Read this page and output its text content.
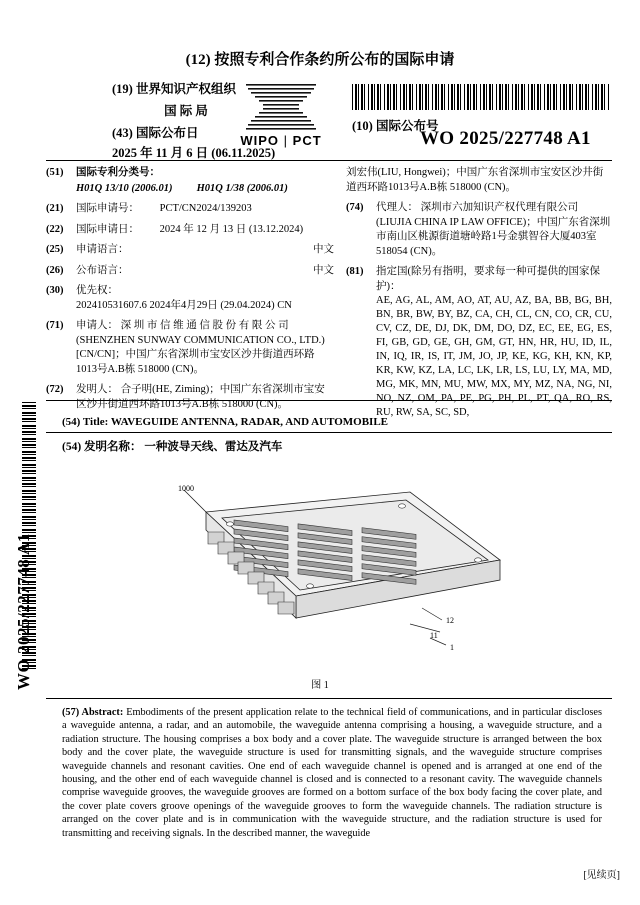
WO 2025/227748 A1
(12) 按照专利合作条约所公布的国际申请
(19) 世界知识产权组织
国 际 局
(43) 国际公布日
2025 年 11 月 6 日 (06.11.2025)
WIPO | PCT
(10) 国际公布号
WO 2025/227748 A1
(51) 国际专利分类号：
H01Q 13/10 (2006.01) H01Q 1/38 (2006.01)
(21) 国际申请号： PCT/CN2024/139203
(22) 国际申请日： 2024 年 12 月 13 日 (13.12.2024)
(25) 申请语言：	中文
(26) 公布语言：	中文
(30) 优先权：
202410531607.6 2024年4月29日 (29.04.2024) CN
(71) 申请人： 深 圳 市 信 维 通 信 股 份 有 限 公 司 (SHENZHEN SUNWAY COMMUNICATION CO., LTD.) [CN/CN]；中国广东省深圳市宝安区沙井街道西环路1013号A.B栋 518000 (CN)。
(72) 发明人： 合子明(HE, Ziming)；中国广东省深圳市宝安区沙井街道西环路1013号A.B栋 518000 (CN)。
刘宏伟(LIU, Hongwei)；中国广东省深圳市宝安区沙井街道西环路1013号A.B栋 518000 (CN)。
(74) 代理人： 深圳市六加知识产权代理有限公司 (LIUJIA CHINA IP LAW OFFICE)；中国广东省深圳市南山区桃源街道塘岭路1号金骐智谷大厦403室 518054 (CN)。
(81) 指定国(除另有指明，要求每一种可提供的国家保护)：
AE, AG, AL, AM, AO, AT, AU, AZ, BA, BB, BG, BH, BN, BR, BW, BY, BZ, CA, CH, CL, CN, CO, CR, CU, CV, CZ, DE, DJ, DK, DM, DO, DZ, EC, EE, EG, ES, FI, GB, GD, GE, GH, GM, GT, HN, HR, HU, ID, IL, IN, IQ, IR, IS, IT, JM, JO, JP, KE, KG, KH, KN, KP, KR, KW, KZ, LA, LC, LK, LR, LS, LU, LY, MA, MD, MG, MK, MN, MU, MW, MX, MY, MZ, NA, NG, NI, NO, NZ, OM, PA, PE, PG, PH, PL, PT, QA, RO, RS, RU, RW, SA, SC, SD,
(54) Title: WAVEGUIDE ANTENNA, RADAR, AND AUTOMOBILE
(54) 发明名称： 一种波导天线、雷达及汽车
1000
12
11
1
图 1
(57) Abstract: Embodiments of the present application relate to the technical field of communications, and in particular discloses a waveguide antenna, a radar, and an automobile, the waveguide antenna comprising a housing, a waveguide structure, and a radiation structure. The housing comprises a box body and a cover plate. The waveguide structure is arranged between the box body and the cover plate, the waveguide structure is used for transmitting signals, and the waveguide structure comprises waveguide channels and resonant cavities. One end of each waveguide channel is opened and is arranged at one end of the housing, and the other end of each waveguide channel is closed and is connected to a resonant cavity. The waveguide channels comprise waveguide grooves, the waveguide grooves are formed on a bottom surface of the box body facing the cover plate, and the cover plate covers groove openings of the waveguide grooves to form the waveguide channels. The radiation structure is arranged on the cover plate and is in communication with the waveguide structure, and the radiation structure is used for transmitting and receiving signals. In the described manner, the waveguide
[见续页]
